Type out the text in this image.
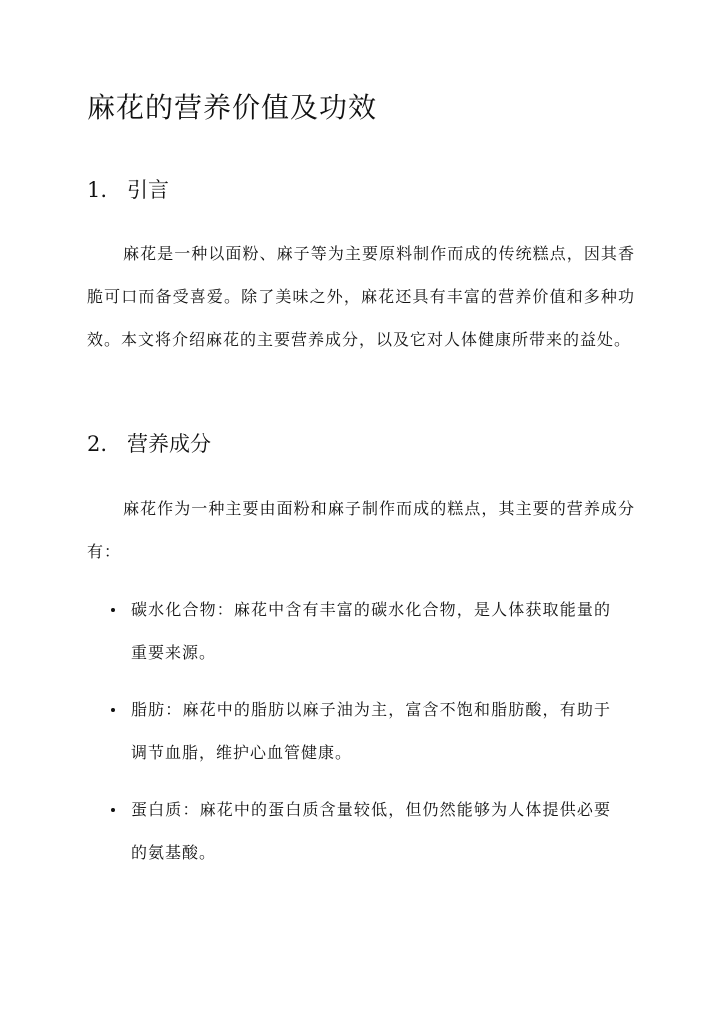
麻花的营养价值及功效
1. 引言

麻花是一种以面粉、麻子等为主要原料制作而成的传统糕点，因其香脆可口而备受喜爱。除了美味之外，麻花还具有丰富的营养价值和多种功效。本文将介绍麻花的主要营养成分，以及它对人体健康所带来的益处。

2. 营养成分

麻花作为一种主要由面粉和麻子制作而成的糕点，其主要的营养成分有：

碳水化合物：麻花中含有丰富的碳水化合物，是人体获取能量的重要来源。
脂肪：麻花中的脂肪以麻子油为主，富含不饱和脂肪酸，有助于调节血脂，维护心血管健康。
蛋白质：麻花中的蛋白质含量较低，但仍然能够为人体提供必要的氨基酸。
